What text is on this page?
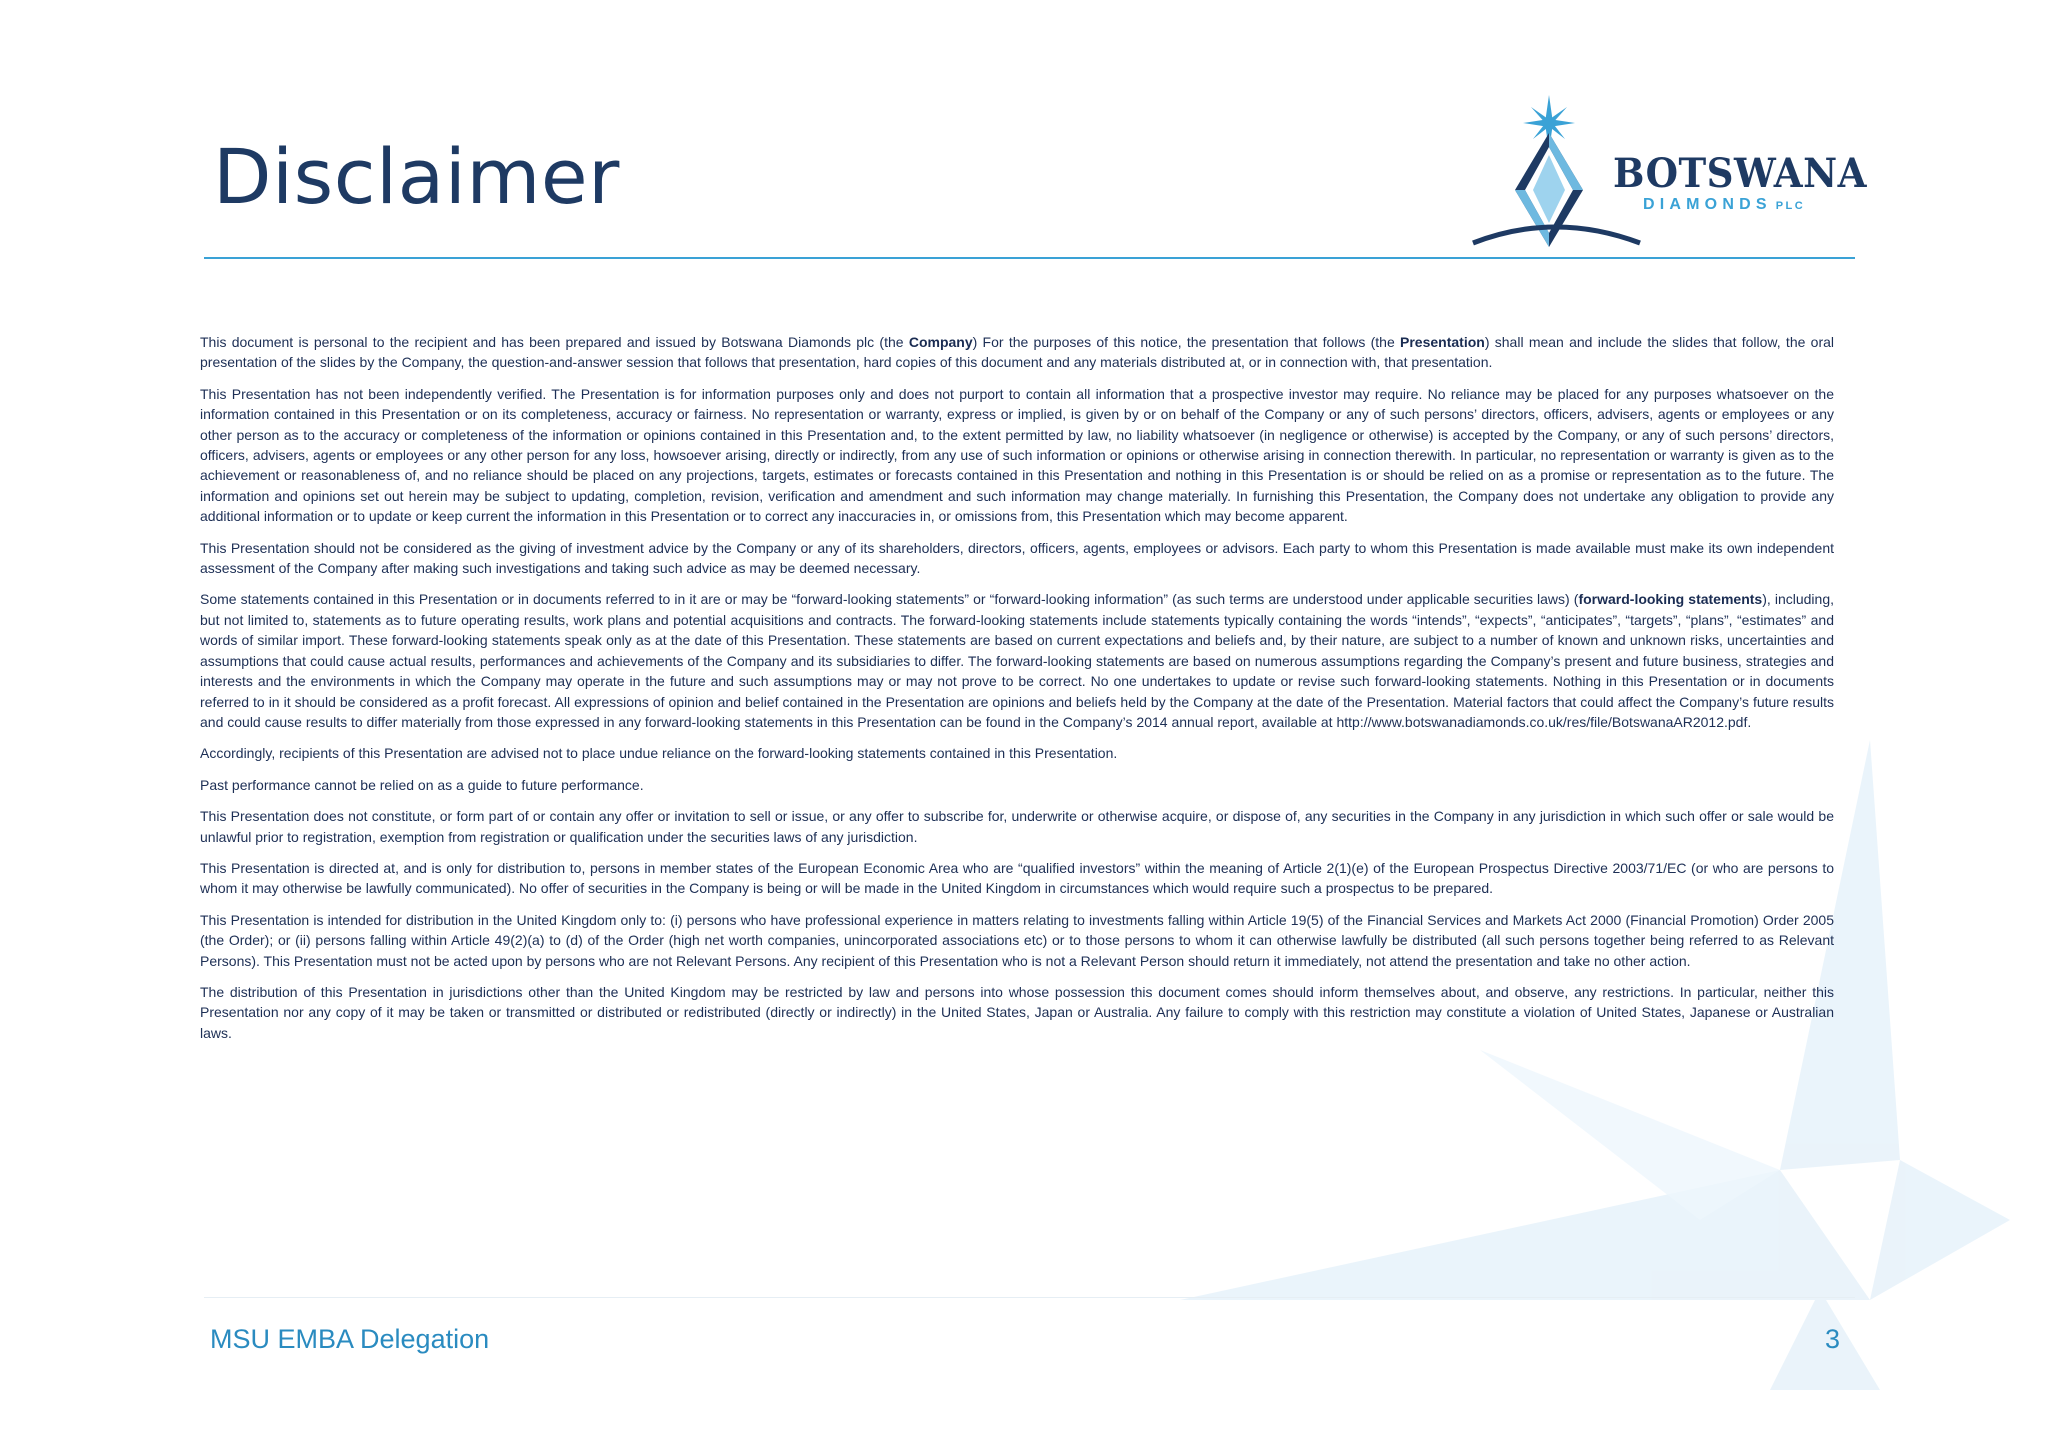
Disclaimer	BOTSWANA
DIAMONDS PLC

This document is personal to the recipient and has been prepared and issued by Botswana Diamonds plc (the Company) For the purposes of this notice, the presentation that follows (the Presentation) shall mean and include the slides that follow, the oral presentation of the slides by the Company, the question-and-answer session that follows that presentation, hard copies of this document and any materials distributed at, or in connection with, that presentation.

This Presentation has not been independently verified. The Presentation is for information purposes only and does not purport to contain all information that a prospective investor may require. No reliance may be placed for any purposes whatsoever on the information contained in this Presentation or on its completeness, accuracy or fairness. No representation or warranty, express or implied, is given by or on behalf of the Company or any of such persons’ directors, officers, advisers, agents or employees or any other person as to the accuracy or completeness of the information or opinions contained in this Presentation and, to the extent permitted by law, no liability whatsoever (in negligence or otherwise) is accepted by the Company, or any of such persons’ directors, officers, advisers, agents or employees or any other person for any loss, howsoever arising, directly or indirectly, from any use of such information or opinions or otherwise arising in connection therewith. In particular, no representation or warranty is given as to the achievement or reasonableness of, and no reliance should be placed on any projections, targets, estimates or forecasts contained in this Presentation and nothing in this Presentation is or should be relied on as a promise or representation as to the future. The information and opinions set out herein may be subject to updating, completion, revision, verification and amendment and such information may change materially. In furnishing this Presentation, the Company does not undertake any obligation to provide any additional information or to update or keep current the information in this Presentation or to correct any inaccuracies in, or omissions from, this Presentation which may become apparent.

This Presentation should not be considered as the giving of investment advice by the Company or any of its shareholders, directors, officers, agents, employees or advisors. Each party to whom this Presentation is made available must make its own independent assessment of the Company after making such investigations and taking such advice as may be deemed necessary.

Some statements contained in this Presentation or in documents referred to in it are or may be “forward-looking statements” or “forward-looking information” (as such terms are understood under applicable securities laws) (forward-looking statements), including, but not limited to, statements as to future operating results, work plans and potential acquisitions and contracts. The forward-looking statements include statements typically containing the words “intends”, “expects”, “anticipates”, “targets”, “plans”, “estimates” and words of similar import. These forward-looking statements speak only as at the date of this Presentation. These statements are based on current expectations and beliefs and, by their nature, are subject to a number of known and unknown risks, uncertainties and assumptions that could cause actual results, performances and achievements of the Company and its subsidiaries to differ. The forward-looking statements are based on numerous assumptions regarding the Company’s present and future business, strategies and interests and the environments in which the Company may operate in the future and such assumptions may or may not prove to be correct. No one undertakes to update or revise such forward-looking statements. Nothing in this Presentation or in documents referred to in it should be considered as a profit forecast. All expressions of opinion and belief contained in the Presentation are opinions and beliefs held by the Company at the date of the Presentation. Material factors that could affect the Company’s future results and could cause results to differ materially from those expressed in any forward-looking statements in this Presentation can be found in the Company’s 2014 annual report, available at http://www.botswanadiamonds.co.uk/res/file/BotswanaAR2012.pdf.

Accordingly, recipients of this Presentation are advised not to place undue reliance on the forward-looking statements contained in this Presentation.

Past performance cannot be relied on as a guide to future performance.

This Presentation does not constitute, or form part of or contain any offer or invitation to sell or issue, or any offer to subscribe for, underwrite or otherwise acquire, or dispose of, any securities in the Company in any jurisdiction in which such offer or sale would be unlawful prior to registration, exemption from registration or qualification under the securities laws of any jurisdiction.

This Presentation is directed at, and is only for distribution to, persons in member states of the European Economic Area who are “qualified investors” within the meaning of Article 2(1)(e) of the European Prospectus Directive 2003/71/EC (or who are persons to whom it may otherwise be lawfully communicated). No offer of securities in the Company is being or will be made in the United Kingdom in circumstances which would require such a prospectus to be prepared.

This Presentation is intended for distribution in the United Kingdom only to: (i) persons who have professional experience in matters relating to investments falling within Article 19(5) of the Financial Services and Markets Act 2000 (Financial Promotion) Order 2005 (the Order); or (ii) persons falling within Article 49(2)(a) to (d) of the Order (high net worth companies, unincorporated associations etc) or to those persons to whom it can otherwise lawfully be distributed (all such persons together being referred to as Relevant Persons). This Presentation must not be acted upon by persons who are not Relevant Persons. Any recipient of this Presentation who is not a Relevant Person should return it immediately, not attend the presentation and take no other action.

The distribution of this Presentation in jurisdictions other than the United Kingdom may be restricted by law and persons into whose possession this document comes should inform themselves about, and observe, any restrictions. In particular, neither this Presentation nor any copy of it may be taken or transmitted or distributed or redistributed (directly or indirectly) in the United States, Japan or Australia. Any failure to comply with this restriction may constitute a violation of United States, Japanese or Australian laws.

MSU EMBA Delegation	3
